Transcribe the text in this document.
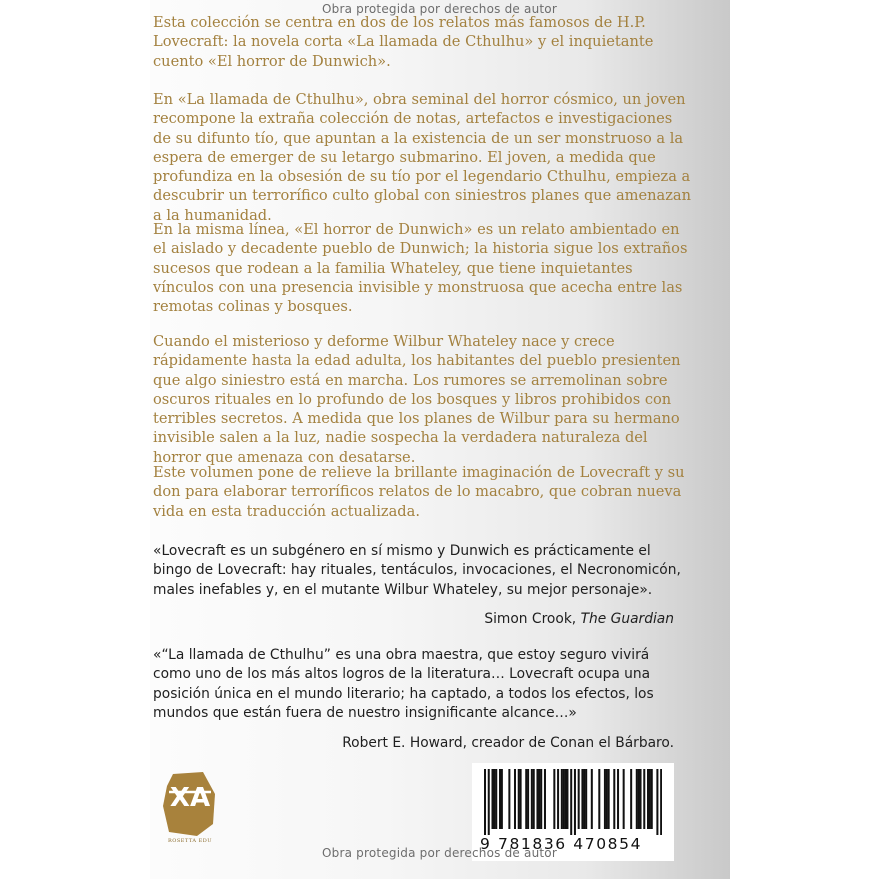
Obra protegida por derechos de autor

Esta colección se centra en dos de los relatos más famosos de H.P. Lovecraft: la novela corta «La llamada de Cthulhu» y el inquietante cuento «El horror de Dunwich».

En «La llamada de Cthulhu», obra seminal del horror cósmico, un joven recompone la extraña colección de notas, artefactos e investigaciones de su difunto tío, que apuntan a la existencia de un ser monstruoso a la espera de emerger de su letargo submarino. El joven, a medida que profundiza en la obsesión de su tío por el legendario Cthulhu, empieza a descubrir un terrorífico culto global con siniestros planes que amenazan a la humanidad.

En la misma línea, «El horror de Dunwich» es un relato ambientado en el aislado y decadente pueblo de Dunwich; la historia sigue los extraños sucesos que rodean a la familia Whateley, que tiene inquietantes vínculos con una presencia invisible y monstruosa que acecha entre las remotas colinas y bosques.

Cuando el misterioso y deforme Wilbur Whateley nace y crece rápidamente hasta la edad adulta, los habitantes del pueblo presienten que algo siniestro está en marcha. Los rumores se arremolinan sobre oscuros rituales en lo profundo de los bosques y libros prohibidos con terribles secretos. A medida que los planes de Wilbur para su hermano invisible salen a la luz, nadie sospecha la verdadera naturaleza del horror que amenaza con desatarse.

Este volumen pone de relieve la brillante imaginación de Lovecraft y su don para elaborar terroríficos relatos de lo macabro, que cobran nueva vida en esta traducción actualizada.

«Lovecraft es un subgénero en sí mismo y Dunwich es prácticamente el bingo de Lovecraft: hay rituales, tentáculos, invocaciones, el Necronomicón, males inefables y, en el mutante Wilbur Whateley, su mejor personaje».

Simon Crook, The Guardian

«“La llamada de Cthulhu” es una obra maestra, que estoy seguro vivirá como uno de los más altos logros de la literatura… Lovecraft ocupa una posición única en el mundo literario; ha captado, a todos los efectos, los mundos que están fuera de nuestro insignificante alcance…»

Robert E. Howard, creador de Conan el Bárbaro.

XA
ROSETTA EDU	9 781836 470854
Obra protegida por derechos de autor
